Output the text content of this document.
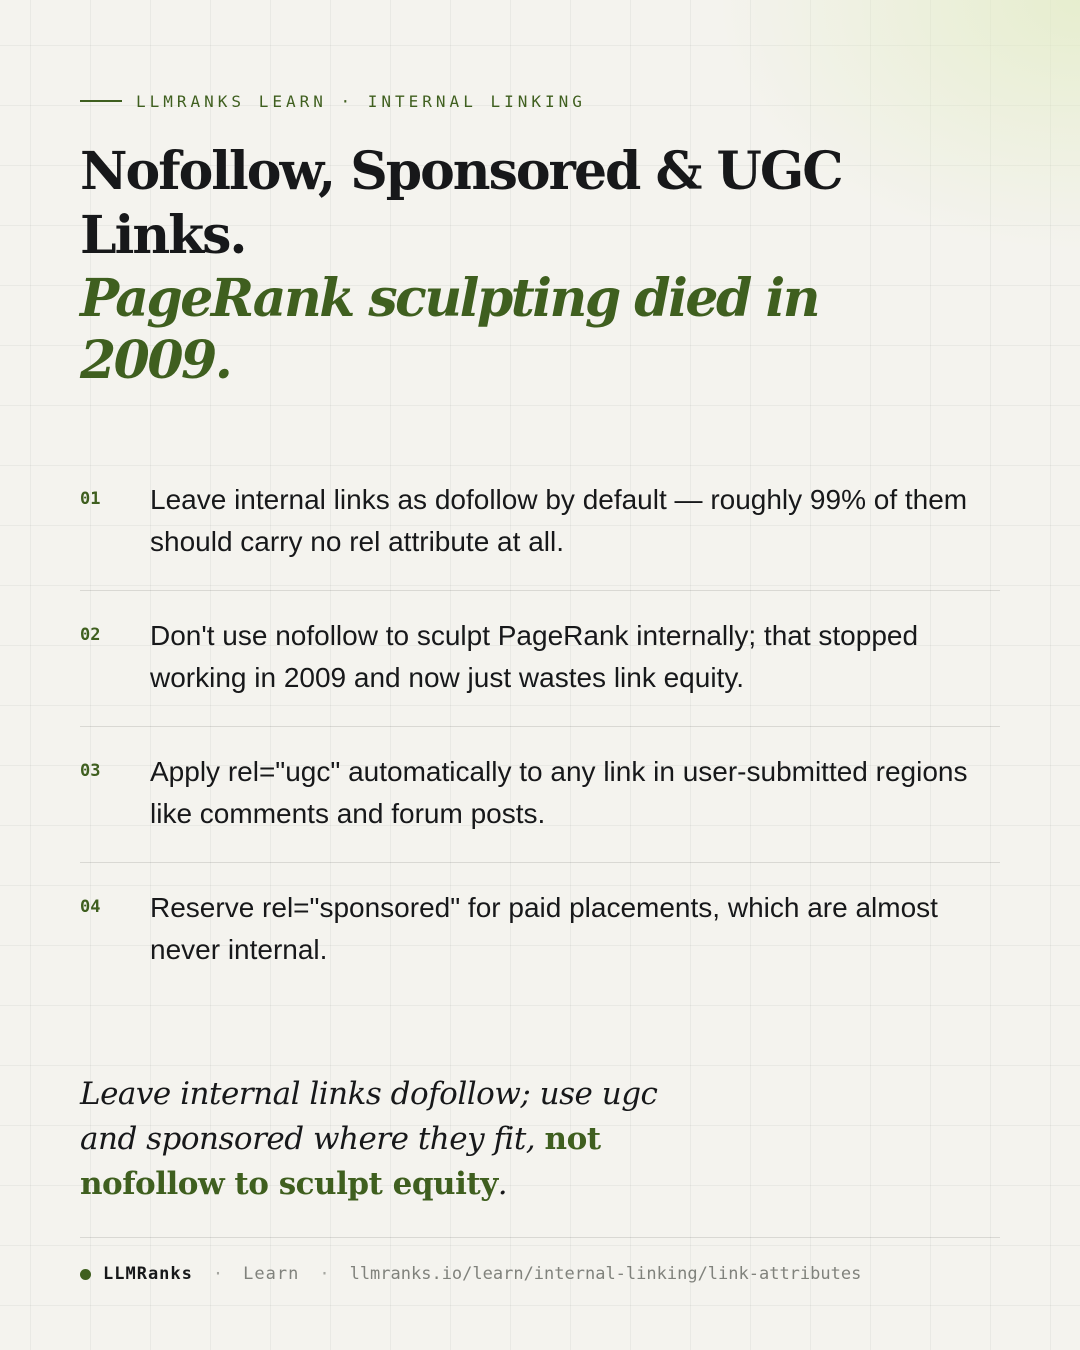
LLMRANKS LEARN · INTERNAL LINKING
Nofollow, Sponsored & UGC Links.
PageRank sculpting died in 2009.
01	Leave internal links as dofollow by default — roughly 99% of them should carry no rel attribute at all.
02	Don't use nofollow to sculpt PageRank internally; that stopped working in 2009 and now just wastes link equity.
03	Apply rel="ugc" automatically to any link in user-submitted regions like comments and forum posts.
04	Reserve rel="sponsored" for paid placements, which are almost never internal.

Leave internal links dofollow; use ugc and sponsored where they fit, not nofollow to sculpt equity.

LLMRanks · Learn · llmranks.io/learn/internal-linking/link-attributes
